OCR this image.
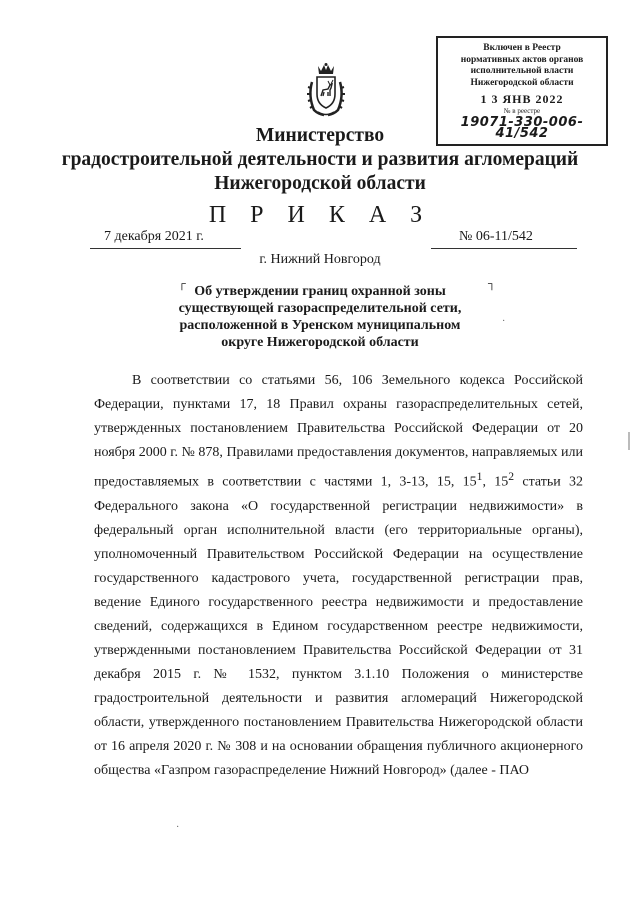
Включен в Реестр
нормативных актов органов
исполнительной власти
Нижегородской области
1 3 ЯНВ 2022
№ в реестре
19071-330-006-41/542
Министерство
градостроительной деятельности и развития агломераций
Нижегородской области
П Р И К А З
7 декабря 2021 г.	№ 06-11/542
г. Нижний Новгород
┌	┐
Об утверждении границ охранной зоны
существующей газораспределительной сети,
расположенной в Уренском муниципальном
округе Нижегородской области
·
В соответствии со статьями 56, 106 Земельного кодекса Российской Федерации, пунктами 17, 18 Правил охраны газораспределительных сетей, утвержденных постановлением Правительства Российской Федерации от 20 ноября 2000 г. № 878, Правилами предоставления документов, направляемых или предоставляемых в соответствии с частями 1, 3-13, 15, $15^1$, $15^2$ статьи 32 Федерального закона «О государственной регистрации недвижимости» в федеральный орган исполнительной власти (его территориальные органы), уполномоченный Правительством Российской Федерации на осуществление государственного кадастрового учета, государственной регистрации прав, ведение Единого государственного реестра недвижимости и предоставление сведений, содержащихся в Едином государственном реестре недвижимости, утвержденными постановлением Правительства Российской Федерации от 31 декабря 2015 г. № 1532, пунктом 3.1.10 Положения о министерстве градостроительной деятельности и развития агломераций Нижегородской области, утвержденного постановлением Правительства Нижегородской области от 16 апреля 2020 г. № 308 и на основании обращения публичного акционерного общества «Газпром газораспределение Нижний Новгород» (далее - ПАО
·
